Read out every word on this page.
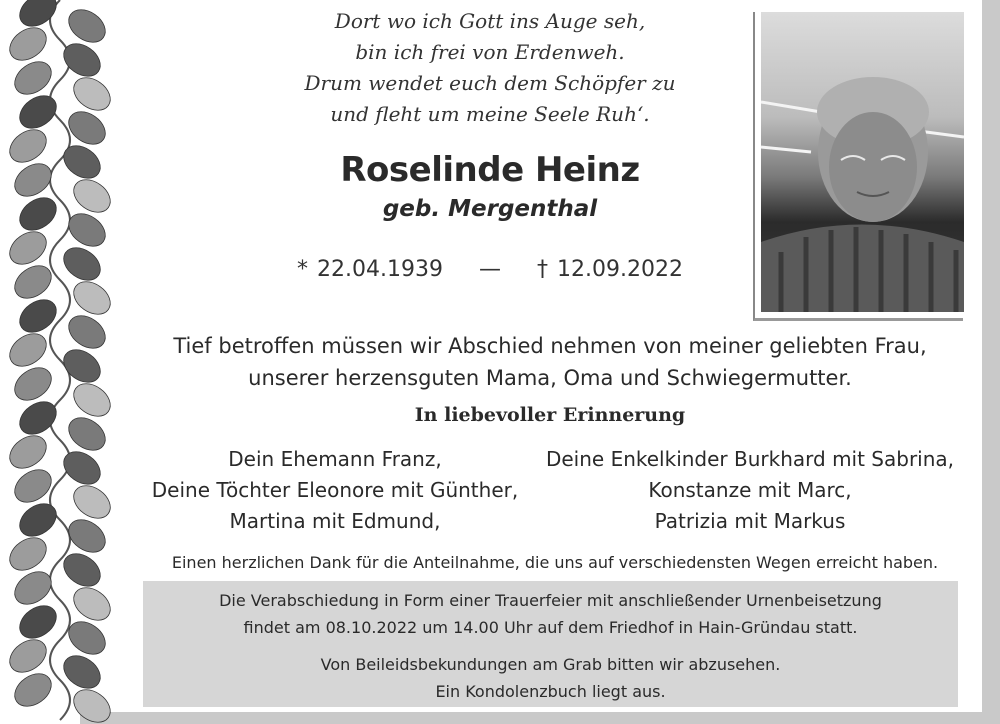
Dort wo ich Gott ins Auge seh,
bin ich frei von Erdenweh.
Drum wendet euch dem Schöpfer zu
und fleht um meine Seele Ruh‘.
Roselinde Heinz
geb. Mergenthal
* 22.04.1939 — † 12.09.2022
Tief betroffen müssen wir Abschied nehmen von meiner geliebten Frau,
unserer herzensguten Mama, Oma und Schwiegermutter.
In liebevoller Erinnerung
Dein Ehemann Franz,
Deine Töchter Eleonore mit Günther,
Martina mit Edmund,
Deine Enkelkinder Burkhard mit Sabrina,
Konstanze mit Marc,
Patrizia mit Markus
Einen herzlichen Dank für die Anteilnahme, die uns auf verschiedensten Wegen erreicht haben.
Die Verabschiedung in Form einer Trauerfeier mit anschließender Urnenbeisetzung
findet am 08.10.2022 um 14.00 Uhr auf dem Friedhof in Hain-Gründau statt.
Von Beileidsbekundungen am Grab bitten wir abzusehen.
Ein Kondolenzbuch liegt aus.
